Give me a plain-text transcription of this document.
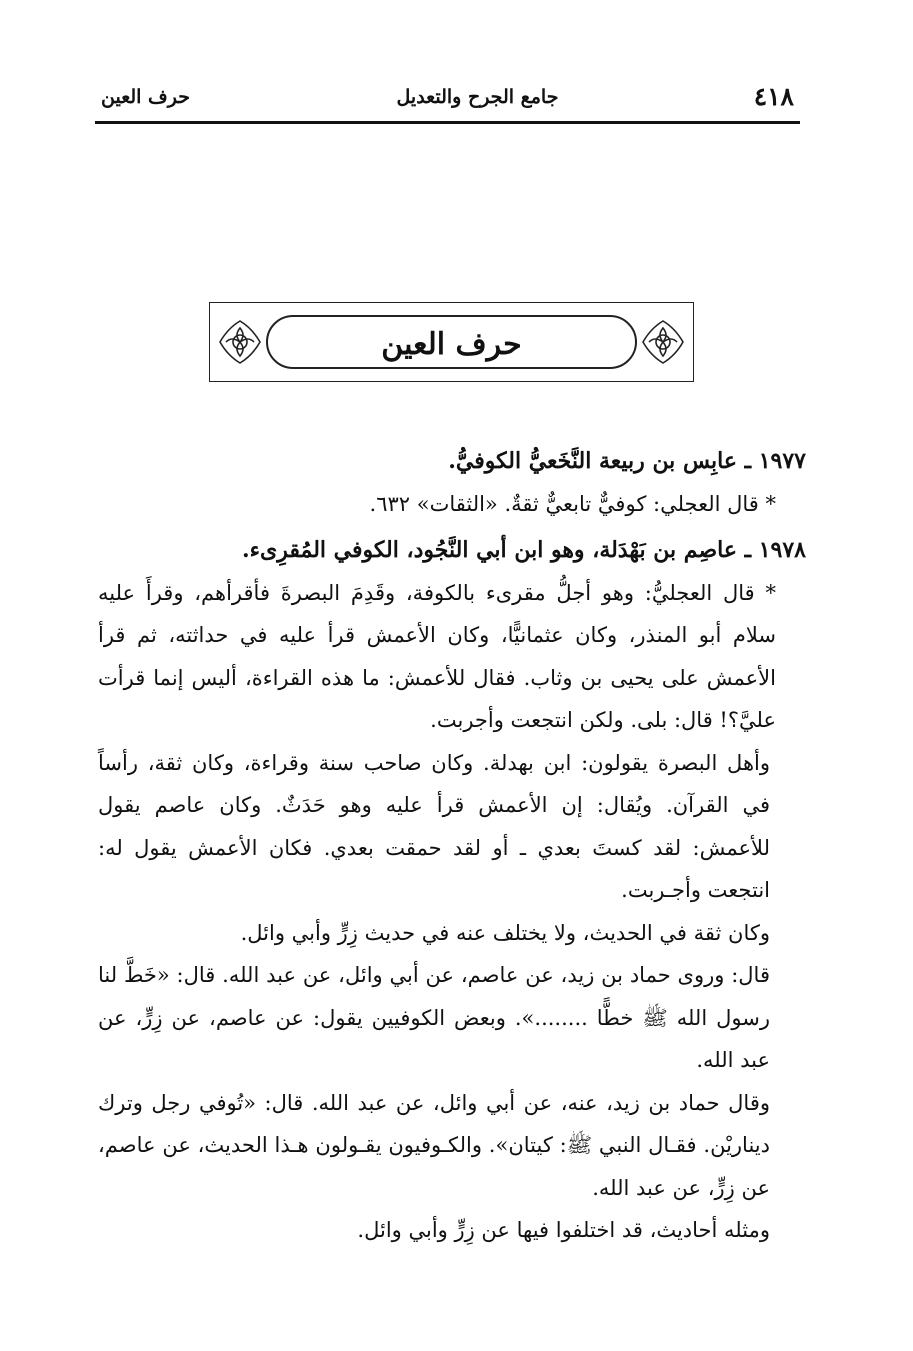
٤١٨
جامع الجرح والتعديل
حرف العين
حرف العين

١٩٧٧ ـ عابِس بن ربيعة النَّخَعيُّ الكوفيُّ.

* قال العجلي: كوفيٌّ تابعيٌّ ثقةٌ. «الثقات» ٦٣٢.

١٩٧٨ ـ عاصِم بن بَهْدَلة، وهو ابن أبي النَّجُود، الكوفي المُقرِىء.

* قال العجليُّ: وهو أجلُّ مقرىء بالكوفة، وقَدِمَ البصرةَ فأقرأهم، وقرأَ عليه سلام أبو المنذر، وكان عثمانيًّا، وكان الأعمش قرأ عليه في حداثته، ثم قرأ الأعمش على يحيى بن وثاب. فقال للأعمش: ما هذه القراءة، أليس إنما قرأت عليَّ؟! قال: بلى. ولكن انتجعت وأجربت.

وأهل البصرة يقولون: ابن بهدلة. وكان صاحب سنة وقراءة، وكان ثقة، رأساً في القرآن. ويُقال: إن الأعمش قرأ عليه وهو حَدَثٌ. وكان عاصم يقول للأعمش: لقد كستَ بعدي ـ أو لقد حمقت بعدي. فكان الأعمش يقول له: انتجعت وأجـربت.

وكان ثقة في الحديث، ولا يختلف عنه في حديث زِرٍّ وأبي وائل.

قال: وروى حماد بن زيد، عن عاصم، عن أبي وائل، عن عبد الله. قال: «خَطَّ لنا رسول الله ﷺ خطًّا ........». وبعض الكوفيين يقول: عن عاصم، عن زِرٍّ، عن عبد الله.

وقال حماد بن زيد، عنه، عن أبي وائل، عن عبد الله. قال: «تُوفي رجل وترك ديناريْن. فقـال النبي ﷺ: كيتان». والكـوفيون يقـولون هـذا الحديث، عن عاصم، عن زِرٍّ، عن عبد الله.

ومثله أحاديث، قد اختلفوا فيها عن زِرٍّ وأبي وائل.
